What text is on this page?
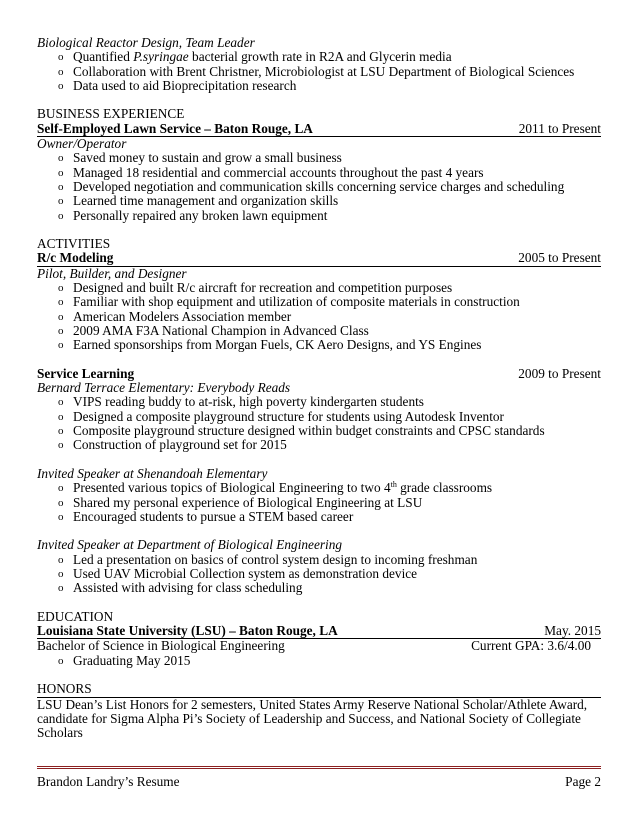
Biological Reactor Design, Team Leader
o Quantified P.syringae bacterial growth rate in R2A and Glycerin media
o Collaboration with Brent Christner, Microbiologist at LSU Department of Biological Sciences
o Data used to aid Bioprecipitation research
BUSINESS EXPERIENCE
Self-Employed Lawn Service – Baton Rouge, LA	2011 to Present
Owner/Operator
o Saved money to sustain and grow a small business
o Managed 18 residential and commercial accounts throughout the past 4 years
o Developed negotiation and communication skills concerning service charges and scheduling
o Learned time management and organization skills
o Personally repaired any broken lawn equipment
ACTIVITIES
R/c Modeling	2005 to Present
Pilot, Builder, and Designer
o Designed and built R/c aircraft for recreation and competition purposes
o Familiar with shop equipment and utilization of composite materials in construction
o American Modelers Association member
o 2009 AMA F3A National Champion in Advanced Class
o Earned sponsorships from Morgan Fuels, CK Aero Designs, and YS Engines
Service Learning	2009 to Present
Bernard Terrace Elementary: Everybody Reads
o VIPS reading buddy to at-risk, high poverty kindergarten students
o Designed a composite playground structure for students using Autodesk Inventor
o Composite playground structure designed within budget constraints and CPSC standards
o Construction of playground set for 2015
Invited Speaker at Shenandoah Elementary
o Presented various topics of Biological Engineering to two 4th grade classrooms
o Shared my personal experience of Biological Engineering at LSU
o Encouraged students to pursue a STEM based career
Invited Speaker at Department of Biological Engineering
o Led a presentation on basics of control system design to incoming freshman
o Used UAV Microbial Collection system as demonstration device
o Assisted with advising for class scheduling
EDUCATION
Louisiana State University (LSU) – Baton Rouge, LA	May. 2015
Bachelor of Science in Biological Engineering	Current GPA: 3.6/4.00
o Graduating May 2015
HONORS
LSU Dean’s List Honors for 2 semesters, United States Army Reserve National Scholar/Athlete Award, candidate for Sigma Alpha Pi’s Society of Leadership and Success, and National Society of Collegiate Scholars
Brandon Landry’s Resume	Page 2
